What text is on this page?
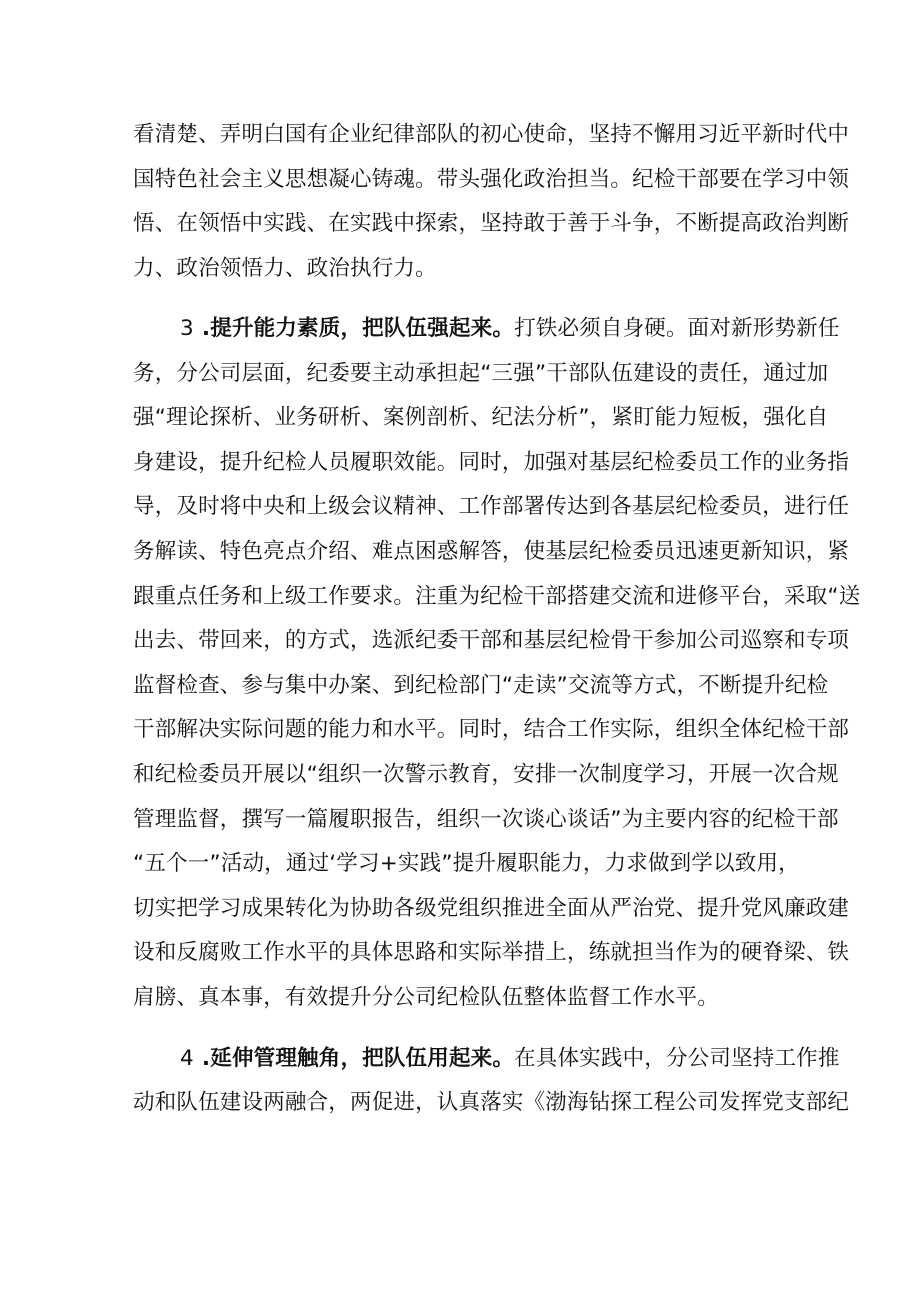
看清楚、弄明白国有企业纪律部队的初心使命，坚持不懈用习近平新时代中
国特色社会主义思想凝心铸魂。带头强化政治担当。纪检干部要在学习中领
悟、在领悟中实践、在实践中探索，坚持敢于善于斗争，不断提高政治判断
力、政治领悟力、政治执行力。
3 .提升能力素质，把队伍强起来。打铁必须自身硬。面对新形势新任
务，分公司层面，纪委要主动承担起“三强”干部队伍建设的责任，通过加
强“理论探析、业务研析、案例剖析、纪法分析”，紧盯能力短板，强化自
身建设，提升纪检人员履职效能。同时，加强对基层纪检委员工作的业务指
导，及时将中央和上级会议精神、工作部署传达到各基层纪检委员，进行任
务解读、特色亮点介绍、难点困惑解答，使基层纪检委员迅速更新知识，紧
跟重点任务和上级工作要求。注重为纪检干部搭建交流和进修平台，采取“送
出去、带回来，的方式，选派纪委干部和基层纪检骨干参加公司巡察和专项
监督检查、参与集中办案、到纪检部门“走读”交流等方式，不断提升纪检
干部解决实际问题的能力和水平。同时，结合工作实际，组织全体纪检干部
和纪检委员开展以“组织一次警示教育，安排一次制度学习，开展一次合规
管理监督，撰写一篇履职报告，组织一次谈心谈话”为主要内容的纪检干部
“五个一”活动，通过‘学习+实践”提升履职能力，力求做到学以致用，
切实把学习成果转化为协助各级党组织推进全面从严治党、提升党风廉政建
设和反腐败工作水平的具体思路和实际举措上，练就担当作为的硬脊梁、铁
肩膀、真本事，有效提升分公司纪检队伍整体监督工作水平。
4 .延伸管理触角，把队伍用起来。在具体实践中，分公司坚持工作推
动和队伍建设两融合，两促进，认真落实《渤海钻探工程公司发挥党支部纪
